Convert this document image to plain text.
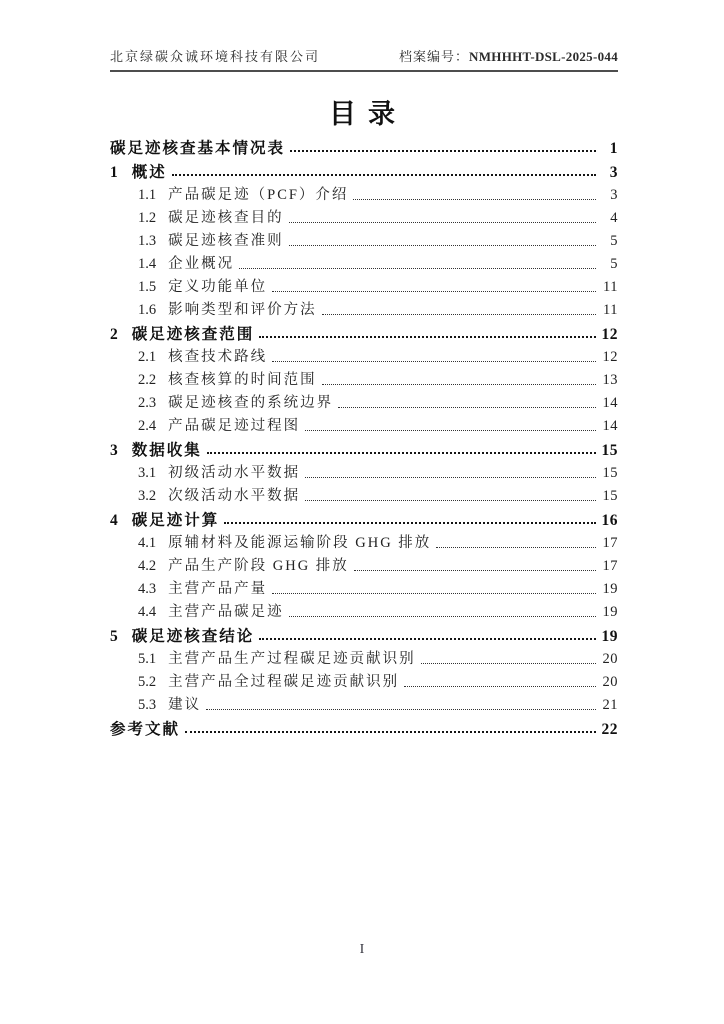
北京绿碳众诚环境科技有限公司	档案编号：NMHHHT-DSL-2025-044
目录
碳足迹核查基本情况表	1
1 概述	3
1.1 产品碳足迹（PCF）介绍	3
1.2 碳足迹核查目的	4
1.3 碳足迹核查准则	5
1.4 企业概况	5
1.5 定义功能单位	11
1.6 影响类型和评价方法	11
2 碳足迹核查范围	12
2.1 核查技术路线	12
2.2 核查核算的时间范围	13
2.3 碳足迹核查的系统边界	14
2.4 产品碳足迹过程图	14
3 数据收集	15
3.1 初级活动水平数据	15
3.2 次级活动水平数据	15
4 碳足迹计算	16
4.1 原辅材料及能源运输阶段 GHG 排放	17
4.2 产品生产阶段 GHG 排放	17
4.3 主营产品产量	19
4.4 主营产品碳足迹	19
5 碳足迹核查结论	19
5.1 主营产品生产过程碳足迹贡献识别	20
5.2 主营产品全过程碳足迹贡献识别	20
5.3 建议	21
参考文献	22
I
